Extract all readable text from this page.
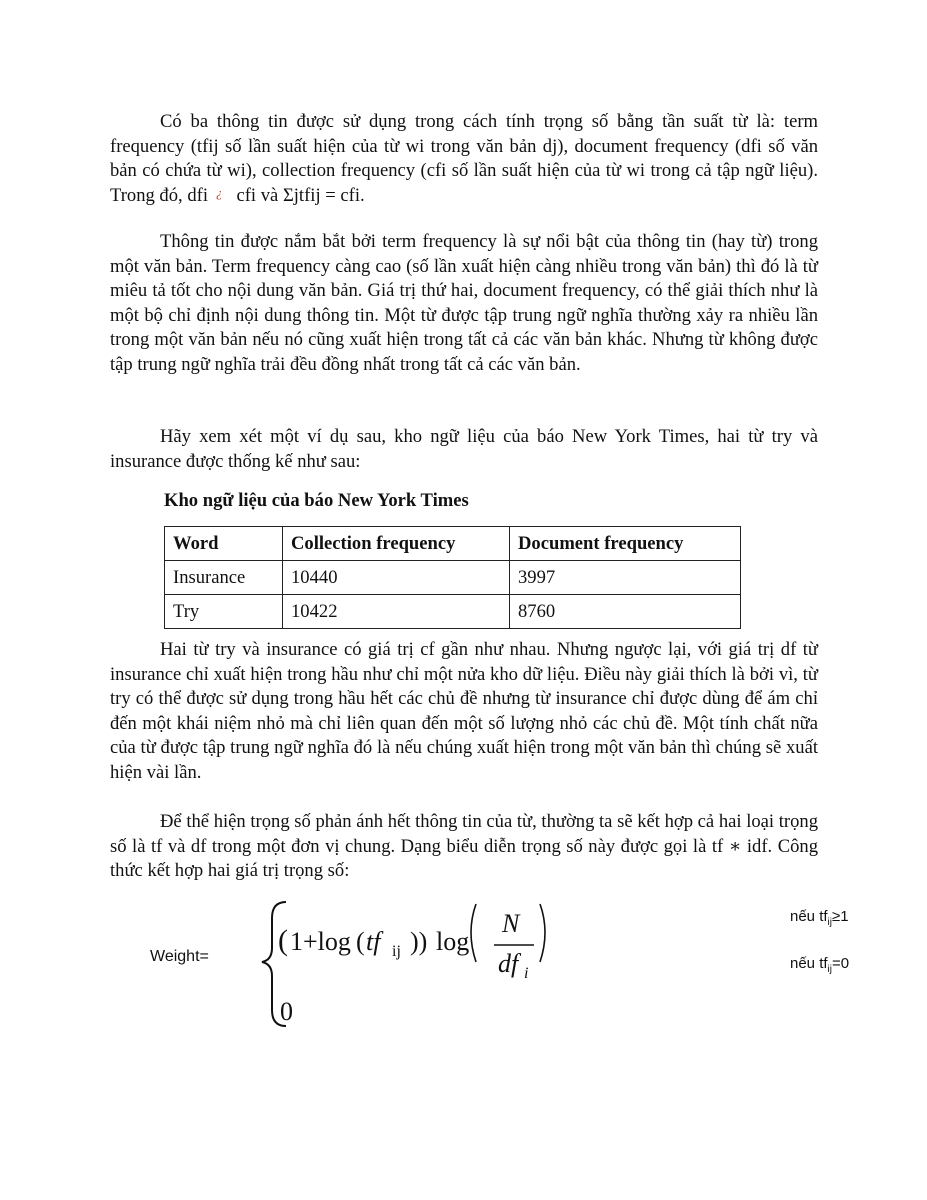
Có ba thông tin được sử dụng trong cách tính trọng số bằng tần suất từ là: term frequency (tfij số lần suất hiện của từ wi trong văn bản dj), document frequency (dfi số văn bản có chứa từ wi), collection frequency (cfi số lần suất hiện của từ wi trong cả tập ngữ liệu). Trong đó, dfi ¿ cfi và Σjtfij = cfi.

Thông tin được nắm bắt bởi term frequency là sự nổi bật của thông tin (hay từ) trong một văn bản. Term frequency càng cao (số lần xuất hiện càng nhiều trong văn bản) thì đó là từ miêu tả tốt cho nội dung văn bản. Giá trị thứ hai, document frequency, có thể giải thích như là một bộ chỉ định nội dung thông tin. Một từ được tập trung ngữ nghĩa thường xảy ra nhiều lần trong một văn bản nếu nó cũng xuất hiện trong tất cả các văn bản khác. Nhưng từ không được tập trung ngữ nghĩa trải đều đồng nhất trong tất cả các văn bản.

Hãy xem xét một ví dụ sau, kho ngữ liệu của báo New York Times, hai từ try và insurance được thống kế như sau:

Kho ngữ liệu của báo New York Times

Word	Collection frequency	Document frequency
Insurance	10440	3997
Try	10422	8760

Hai từ try và insurance có giá trị cf gần như nhau. Nhưng ngược lại, với giá trị df từ insurance chỉ xuất hiện trong hầu như chỉ một nửa kho dữ liệu. Điều này giải thích là bởi vì, từ try có thể được sử dụng trong hầu hết các chủ đề nhưng từ insurance chỉ được dùng để ám chỉ đến một khái niệm nhỏ mà chỉ liên quan đến một số lượng nhỏ các chủ đề. Một tính chất nữa của từ được tập trung ngữ nghĩa đó là nếu chúng xuất hiện trong một văn bản thì chúng sẽ xuất hiện vài lần.

Để thể hiện trọng số phản ánh hết thông tin của từ, thường ta sẽ kết hợp cả hai loại trọng số là tf và df trong một đơn vị chung. Dạng biểu diễn trọng số này được gọi là tf ∗ idf. Công thức kết hợp hai giá trị trọng số:

Weight= ( 1+log ( tf ij )) log
N
df i
0
nếu $tf_{ij}\ge 1$
nếu $tf_{ij}=0$
